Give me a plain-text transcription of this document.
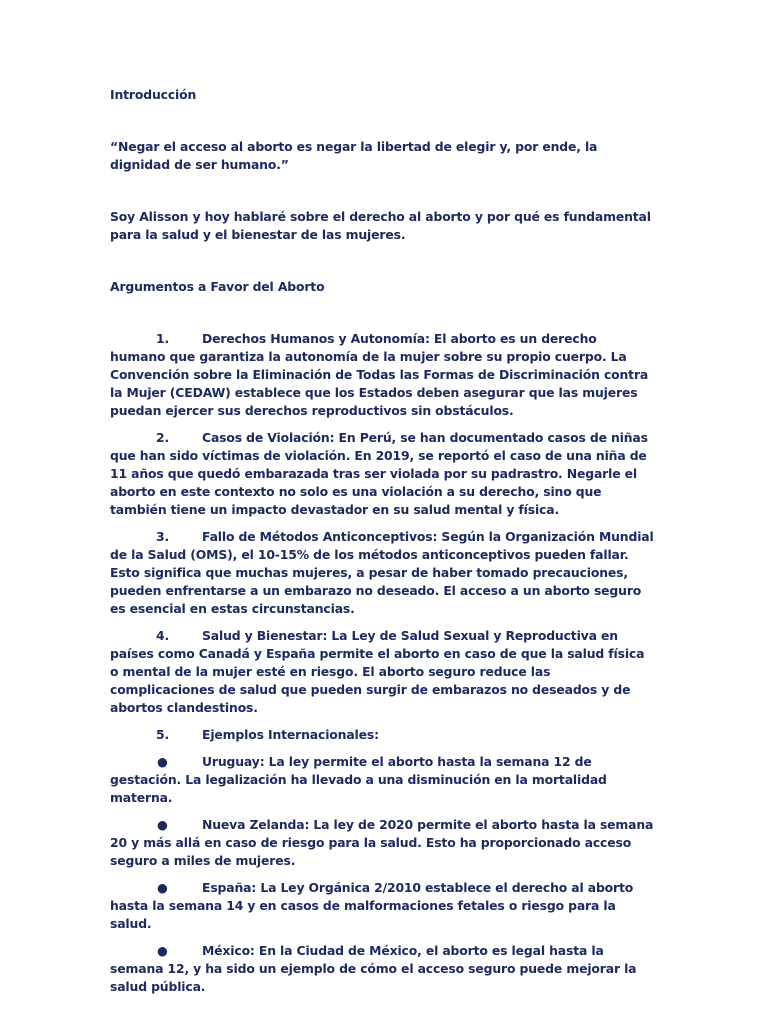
Introducción

“Negar el acceso al aborto es negar la libertad de elegir y, por ende, la dignidad de ser humano.”

Soy Alisson y hoy hablaré sobre el derecho al aborto y por qué es fundamental para la salud y el bienestar de las mujeres.

Argumentos a Favor del Aborto

1.	Derechos Humanos y Autonomía: El aborto es un derecho humano que garantiza la autonomía de la mujer sobre su propio cuerpo. La Convención sobre la Eliminación de Todas las Formas de Discriminación contra la Mujer (CEDAW) establece que los Estados deben asegurar que las mujeres puedan ejercer sus derechos reproductivos sin obstáculos.

2.	Casos de Violación: En Perú, se han documentado casos de niñas que han sido víctimas de violación. En 2019, se reportó el caso de una niña de 11 años que quedó embarazada tras ser violada por su padrastro. Negarle el aborto en este contexto no solo es una violación a su derecho, sino que también tiene un impacto devastador en su salud mental y física.

3.	Fallo de Métodos Anticonceptivos: Según la Organización Mundial de la Salud (OMS), el 10-15% de los métodos anticonceptivos pueden fallar. Esto significa que muchas mujeres, a pesar de haber tomado precauciones, pueden enfrentarse a un embarazo no deseado. El acceso a un aborto seguro es esencial en estas circunstancias.

4.	Salud y Bienestar: La Ley de Salud Sexual y Reproductiva en países como Canadá y España permite el aborto en caso de que la salud física o mental de la mujer esté en riesgo. El aborto seguro reduce las complicaciones de salud que pueden surgir de embarazos no deseados y de abortos clandestinos.

5.	Ejemplos Internacionales:

●	Uruguay: La ley permite el aborto hasta la semana 12 de gestación. La legalización ha llevado a una disminución en la mortalidad materna.

●	Nueva Zelanda: La ley de 2020 permite el aborto hasta la semana 20 y más allá en caso de riesgo para la salud. Esto ha proporcionado acceso seguro a miles de mujeres.

●	España: La Ley Orgánica 2/2010 establece el derecho al aborto hasta la semana 14 y en casos de malformaciones fetales o riesgo para la salud.

●	México: En la Ciudad de México, el aborto es legal hasta la semana 12, y ha sido un ejemplo de cómo el acceso seguro puede mejorar la salud pública.
